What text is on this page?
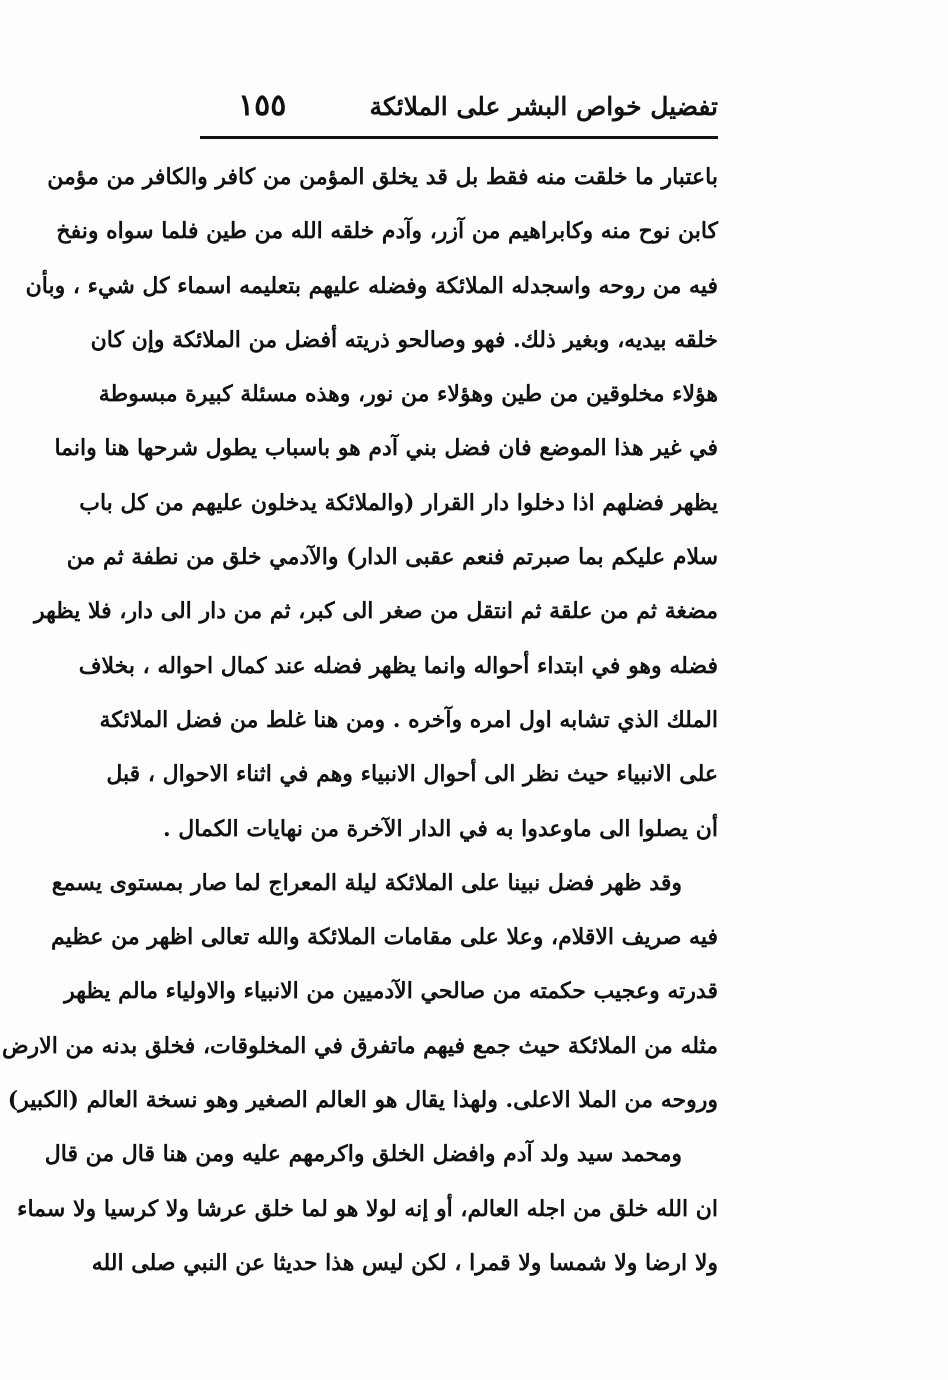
تفضيل خواص البشر على الملائكة
١٥٥
باعتبار ما خلقت منه فقط بل قد يخلق المؤمن من كافر والكافر من مؤمن
كابن نوح منه وكابراهيم من آزر، وآدم خلقه الله من طين فلما سواه ونفخ
فيه من روحه واسجدله الملائكة وفضله عليهم بتعليمه اسماء كل شيء ، وبأن
خلقه بيديه، وبغير ذلك. فهو وصالحو ذريته أفضل من الملائكة وإن كان
هؤلاء مخلوقين من طين وهؤلاء من نور، وهذه مسئلة كبيرة مبسوطة
في غير هذا الموضع فان فضل بني آدم هو باسباب يطول شرحها هنا وانما
يظهر فضلهم اذا دخلوا دار القرار (والملائكة يدخلون عليهم من كل باب
سلام عليكم بما صبرتم فنعم عقبى الدار) والآدمي خلق من نطفة ثم من
مضغة ثم من علقة ثم انتقل من صغر الى كبر، ثم من دار الى دار، فلا يظهر
فضله وهو في ابتداء أحواله وانما يظهر فضله عند كمال احواله ، بخلاف
الملك الذي تشابه اول امره وآخره . ومن هنا غلط من فضل الملائكة
على الانبياء حيث نظر الى أحوال الانبياء وهم في اثناء الاحوال ، قبل
أن يصلوا الى ماوعدوا به في الدار الآخرة من نهايات الكمال .
وقد ظهر فضل نبينا على الملائكة ليلة المعراج لما صار بمستوى يسمع
فيه صريف الاقلام، وعلا على مقامات الملائكة والله تعالى اظهر من عظيم
قدرته وعجيب حكمته من صالحي الآدميين من الانبياء والاولياء مالم يظهر
مثله من الملائكة حيث جمع فيهم ماتفرق في المخلوقات، فخلق بدنه من الارض
وروحه من الملا الاعلى. ولهذا يقال هو العالم الصغير وهو نسخة العالم (الكبير)
ومحمد سيد ولد آدم وافضل الخلق واكرمهم عليه ومن هنا قال من قال
ان الله خلق من اجله العالم، أو إنه لولا هو لما خلق عرشا ولا كرسيا ولا سماء
ولا ارضا ولا شمسا ولا قمرا ، لكن ليس هذا حديثا عن النبي صلى الله
